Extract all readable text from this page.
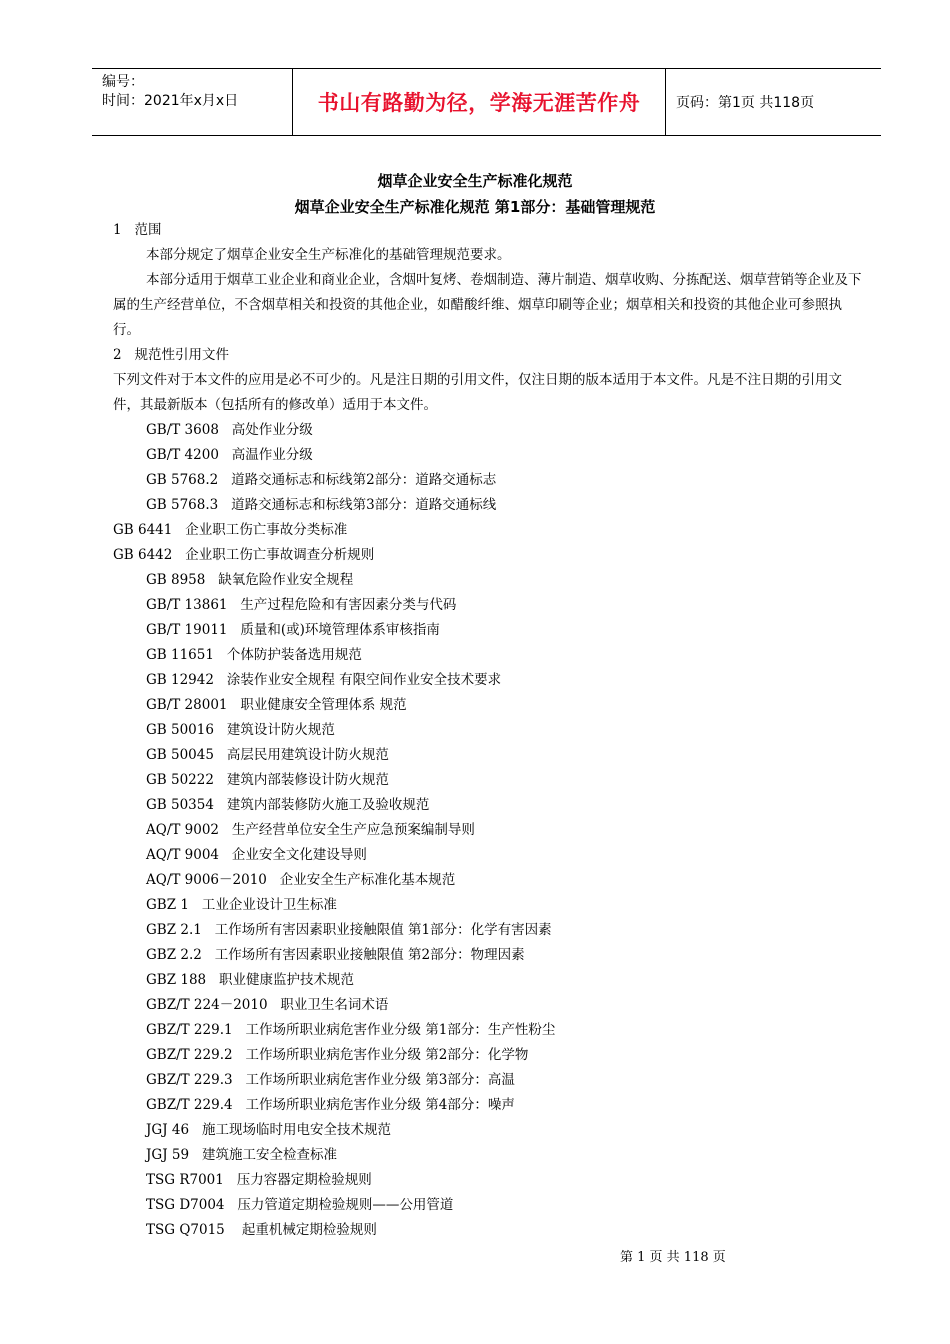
编号：
时间：2021年x月x日	书山有路勤为径，学海无涯苦作舟	页码：第1页 共118页
烟草企业安全生产标准化规范
烟草企业安全生产标准化规范 第1部分：基础管理规范

1   范围

本部分规定了烟草企业安全生产标准化的基础管理规范要求。

本部分适用于烟草工业企业和商业企业，含烟叶复烤、卷烟制造、薄片制造、烟草收购、分拣配送、烟草营销等企业及下属的生产经营单位，不含烟草相关和投资的其他企业，如醋酸纤维、烟草印刷等企业；烟草相关和投资的其他企业可参照执行。

2   规范性引用文件

下列文件对于本文件的应用是必不可少的。凡是注日期的引用文件，仅注日期的版本适用于本文件。凡是不注日期的引用文件，其最新版本（包括所有的修改单）适用于本文件。

GB/T 3608   高处作业分级

GB/T 4200   高温作业分级

GB 5768.2   道路交通标志和标线第2部分：道路交通标志

GB 5768.3   道路交通标志和标线第3部分：道路交通标线

GB 6441   企业职工伤亡事故分类标准

GB 6442   企业职工伤亡事故调查分析规则

GB 8958   缺氧危险作业安全规程

GB/T 13861   生产过程危险和有害因素分类与代码

GB/T 19011   质量和(或)环境管理体系审核指南

GB 11651   个体防护装备选用规范

GB 12942   涂装作业安全规程 有限空间作业安全技术要求

GB/T 28001   职业健康安全管理体系 规范

GB 50016   建筑设计防火规范

GB 50045   高层民用建筑设计防火规范

GB 50222   建筑内部装修设计防火规范

GB 50354   建筑内部装修防火施工及验收规范

AQ/T 9002   生产经营单位安全生产应急预案编制导则

AQ/T 9004   企业安全文化建设导则

AQ/T 9006－2010   企业安全生产标准化基本规范

GBZ 1   工业企业设计卫生标准

GBZ 2.1   工作场所有害因素职业接触限值 第1部分：化学有害因素

GBZ 2.2   工作场所有害因素职业接触限值 第2部分：物理因素

GBZ 188   职业健康监护技术规范

GBZ/T 224－2010   职业卫生名词术语

GBZ/T 229.1   工作场所职业病危害作业分级 第1部分：生产性粉尘

GBZ/T 229.2   工作场所职业病危害作业分级 第2部分：化学物

GBZ/T 229.3   工作场所职业病危害作业分级 第3部分：高温

GBZ/T 229.4   工作场所职业病危害作业分级 第4部分：噪声

JGJ 46   施工现场临时用电安全技术规范

JGJ 59   建筑施工安全检查标准

TSG R7001   压力容器定期检验规则

TSG D7004   压力管道定期检验规则——公用管道

TSG Q7015    起重机械定期检验规则

第 1 页 共 118 页
